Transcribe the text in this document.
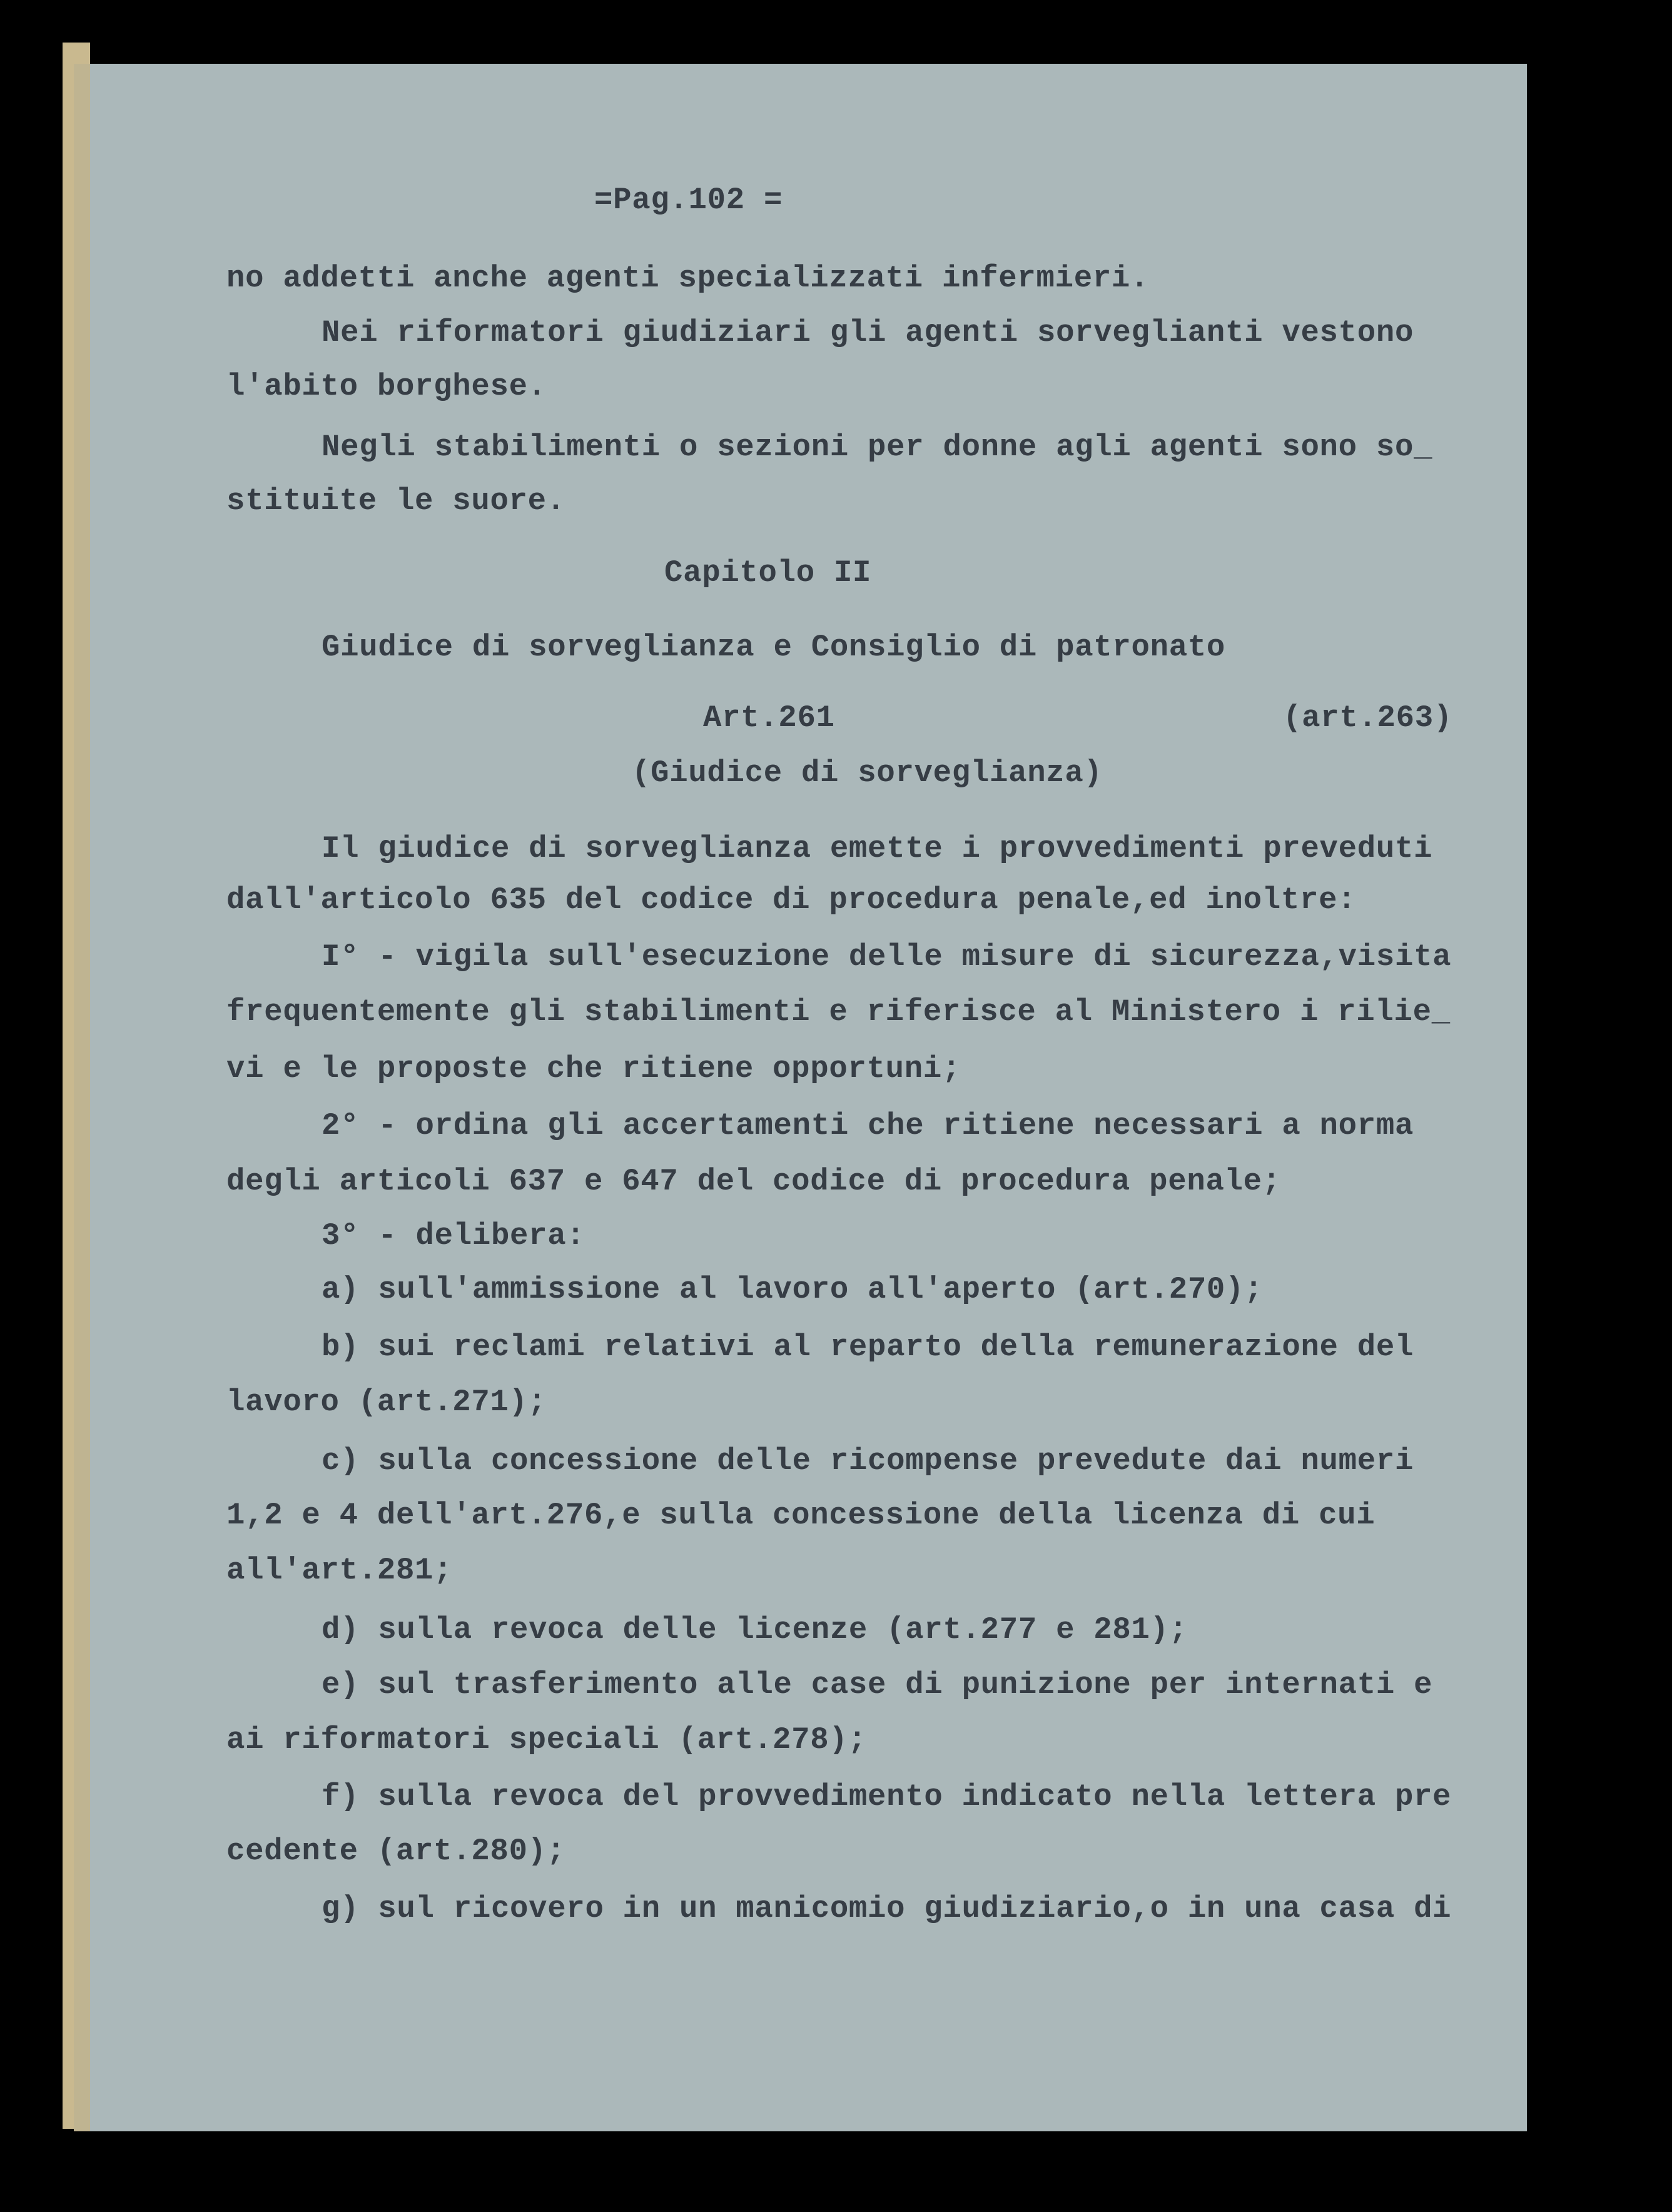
=Pag.102 =

no addetti anche agenti specializzati infermieri.

Nei riformatori giudiziari gli agenti sorveglianti vestono

l'abito borghese.

Negli stabilimenti o sezioni per donne agli agenti sono so_

stituite le suore.

Capitolo II

Giudice di sorveglianza e Consiglio di patronato

Art.261	(art.263)

(Giudice di sorveglianza)

Il giudice di sorveglianza emette i provvedimenti preveduti

dall'articolo 635 del codice di procedura penale,ed inoltre:

I° - vigila sull'esecuzione delle misure di sicurezza,visita

frequentemente gli stabilimenti e riferisce al Ministero i rilie_

vi e le proposte che ritiene opportuni;

2° - ordina gli accertamenti che ritiene necessari a norma

degli articoli 637 e 647 del codice di procedura penale;

3° - delibera:

a) sull'ammissione al lavoro all'aperto (art.270);

b) sui reclami relativi al reparto della remunerazione del

lavoro (art.271);

c) sulla concessione delle ricompense prevedute dai numeri

1,2 e 4 dell'art.276,e sulla concessione della licenza di cui

all'art.281;

d) sulla revoca delle licenze (art.277 e 281);

e) sul trasferimento alle case di punizione per internati e

ai riformatori speciali (art.278);

f) sulla revoca del provvedimento indicato nella lettera pre

cedente (art.280);

g) sul ricovero in un manicomio giudiziario,o in una casa di
